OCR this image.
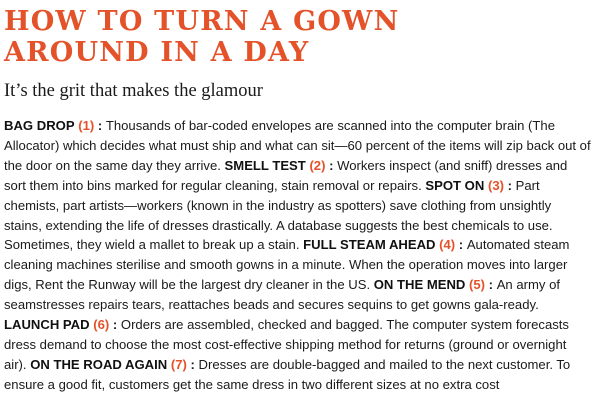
HOW TO TURN A GOWN
AROUND IN A DAY
It’s the grit that makes the glamour

BAG DROP (1) : Thousands of bar-coded envelopes are scanned into the computer brain (The Allocator) which decides what must ship and what can sit—60 percent of the items will zip back out of the door on the same day they arrive. SMELL TEST (2) : Workers inspect (and sniff) dresses and sort them into bins marked for regular cleaning, stain removal or repairs. SPOT ON (3) : Part chemists, part artists—workers (known in the industry as spotters) save clothing from unsightly stains, extending the life of dresses drastically. A database suggests the best chemicals to use. Sometimes, they wield a mallet to break up a stain. FULL STEAM AHEAD (4) : Automated steam cleaning machines sterilise and smooth gowns in a minute. When the operation moves into larger digs, Rent the Runway will be the largest dry cleaner in the US. ON THE MEND (5) : An army of seamstresses repairs tears, reattaches beads and secures sequins to get gowns gala-ready. LAUNCH PAD (6) : Orders are assembled, checked and bagged. The computer system forecasts dress demand to choose the most cost-effective shipping method for returns (ground or overnight air). ON THE ROAD AGAIN (7) : Dresses are double-bagged and mailed to the next customer. To ensure a good fit, customers get the same dress in two different sizes at no extra cost
